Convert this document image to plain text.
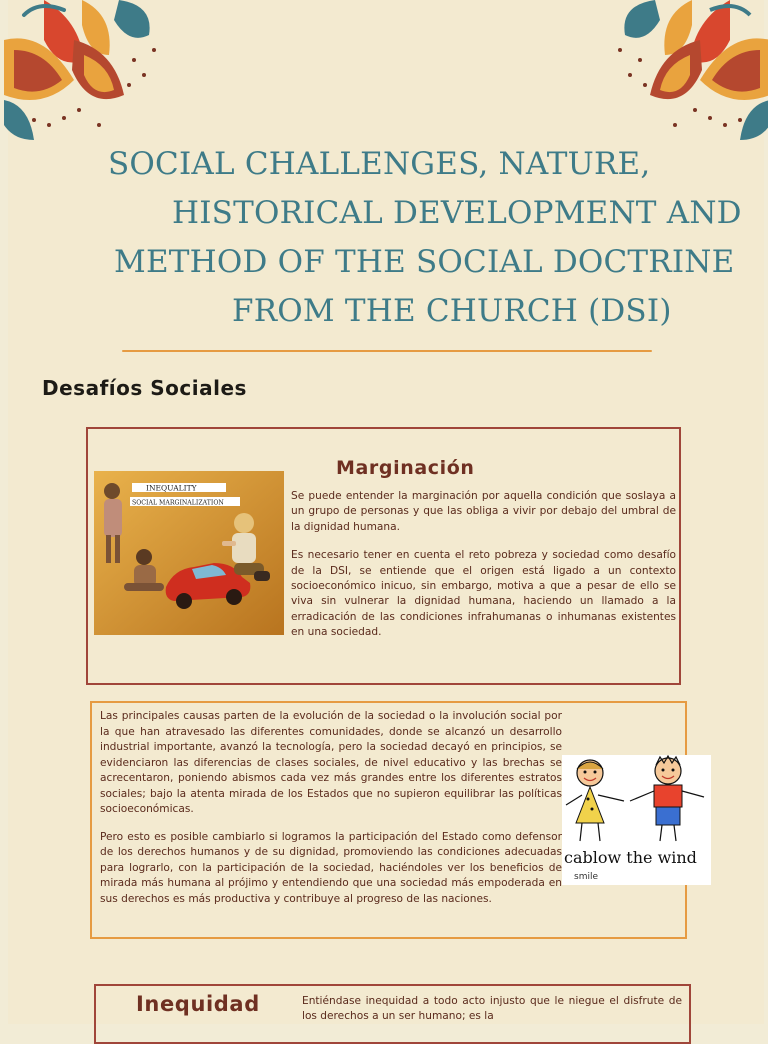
SOCIAL CHALLENGES, NATURE,
HISTORICAL DEVELOPMENT AND
METHOD OF THE SOCIAL DOCTRINE
FROM THE CHURCH (DSI)
Desafíos Sociales
INEQUALITY
SOCIAL MARGINALIZATION
Marginación

Se puede entender la marginación por aquella condición que soslaya a un grupo de personas y que las obliga a vivir por debajo del umbral de la dignidad humana.

Es necesario tener en cuenta el reto pobreza y sociedad como desafío de la DSI, se entiende que el origen está ligado a un contexto socioeconómico inicuo, sin embargo, motiva a que a pesar de ello se viva sin vulnerar la dignidad humana, haciendo un llamado a la erradicación de las condiciones infrahumanas o inhumanas existentes en una sociedad.

Las principales causas parten de la evolución de la sociedad o la involución social por la que han atravesado las diferentes comunidades, donde se alcanzó un desarrollo industrial importante, avanzó la tecnología, pero la sociedad decayó en principios, se evidenciaron las diferencias de clases sociales, de nivel educativo y las brechas se acrecentaron, poniendo abismos cada vez más grandes entre los diferentes estratos sociales; bajo la atenta mirada de los Estados que no supieron equilibrar las políticas socioeconómicas.

Pero esto es posible cambiarlo si logramos la participación del Estado como defensor de los derechos humanos y de su dignidad, promoviendo las condiciones adecuadas para lograrlo, con la participación de la sociedad, haciéndoles ver los beneficios de mirada más humana al prójimo y entendiendo que una sociedad más empoderada en sus derechos es más productiva y contribuye al progreso de las naciones.

cablow the wind
smile
Inequidad	Entiéndase inequidad a todo acto injusto que le niegue el disfrute de los derechos a un ser humano; es la
